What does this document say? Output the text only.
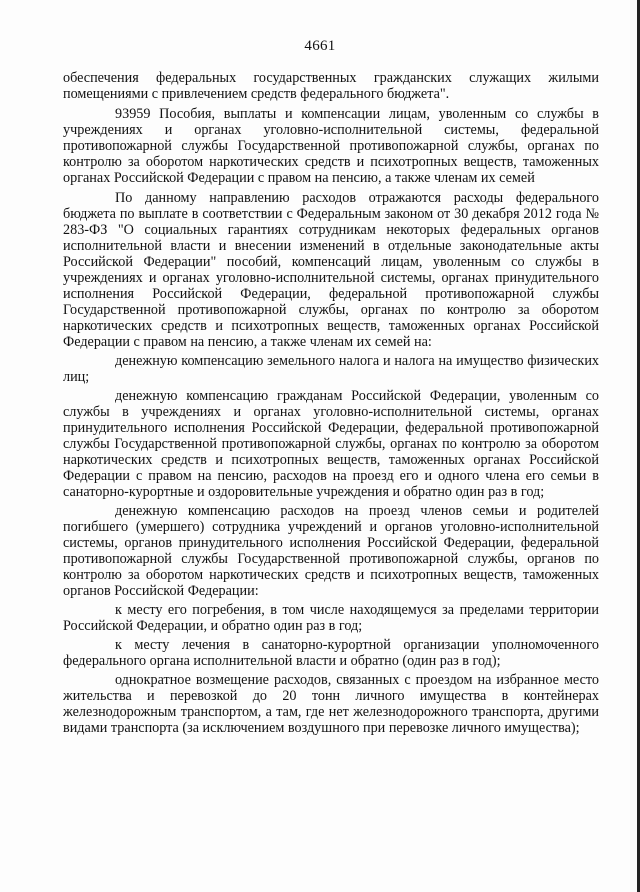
4661

обеспечения федеральных государственных гражданских служащих жилыми помещениями с привлечением средств федерального бюджета".

93959 Пособия, выплаты и компенсации лицам, уволенным со службы в учреждениях и органах уголовно-исполнительной системы, федеральной противопожарной службы Государственной противопожарной службы, органах по контролю за оборотом наркотических средств и психотропных веществ, таможенных органах Российской Федерации с правом на пенсию, а также членам их семей

По данному направлению расходов отражаются расходы федерального бюджета по выплате в соответствии с Федеральным законом от 30 декабря 2012 года № 283-ФЗ "О социальных гарантиях сотрудникам некоторых федеральных органов исполнительной власти и внесении изменений в отдельные законодательные акты Российской Федерации" пособий, компенсаций лицам, уволенным со службы в учреждениях и органах уголовно-исполнительной системы, органах принудительного исполнения Российской Федерации, федеральной противопожарной службы Государственной противопожарной службы, органах по контролю за оборотом наркотических средств и психотропных веществ, таможенных органах Российской Федерации с правом на пенсию, а также членам их семей на:

денежную компенсацию земельного налога и налога на имущество физических лиц;

денежную компенсацию гражданам Российской Федерации, уволенным со службы в учреждениях и органах уголовно-исполнительной системы, органах принудительного исполнения Российской Федерации, федеральной противопожарной службы Государственной противопожарной службы, органах по контролю за оборотом наркотических средств и психотропных веществ, таможенных органах Российской Федерации с правом на пенсию, расходов на проезд его и одного члена его семьи в санаторно-курортные и оздоровительные учреждения и обратно один раз в год;

денежную компенсацию расходов на проезд членов семьи и родителей погибшего (умершего) сотрудника учреждений и органов уголовно-исполнительной системы, органов принудительного исполнения Российской Федерации, федеральной противопожарной службы Государственной противопожарной службы, органов по контролю за оборотом наркотических средств и психотропных веществ, таможенных органов Российской Федерации:

к месту его погребения, в том числе находящемуся за пределами территории Российской Федерации, и обратно один раз в год;

к месту лечения в санаторно-курортной организации уполномоченного федерального органа исполнительной власти и обратно (один раз в год);

однократное возмещение расходов, связанных с проездом на избранное место жительства и перевозкой до 20 тонн личного имущества в контейнерах железнодорожным транспортом, а там, где нет железнодорожного транспорта, другими видами транспорта (за исключением воздушного при перевозке личного имущества);
